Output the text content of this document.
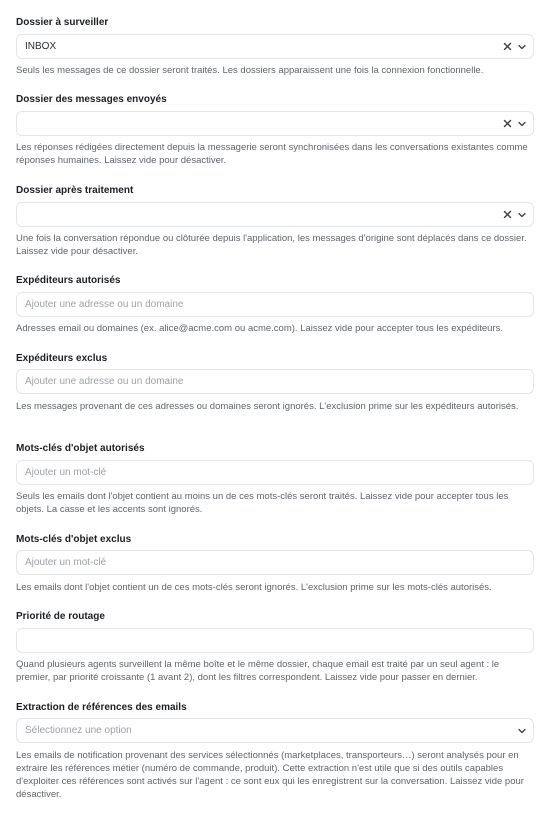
Dossier à surveiller
INBOX
Seuls les messages de ce dossier seront traités. Les dossiers apparaissent une fois la connexion fonctionnelle.
Dossier des messages envoyés
Les réponses rédigées directement depuis la messagerie seront synchronisées dans les conversations existantes comme réponses humaines. Laissez vide pour désactiver.
Dossier après traitement
Une fois la conversation répondue ou clôturée depuis l'application, les messages d'origine sont déplacés dans ce dossier. Laissez vide pour désactiver.
Expéditeurs autorisés
Ajouter une adresse ou un domaine
Adresses email ou domaines (ex. alice@acme.com ou acme.com). Laissez vide pour accepter tous les expéditeurs.
Expéditeurs exclus
Ajouter une adresse ou un domaine
Les messages provenant de ces adresses ou domaines seront ignorés. L'exclusion prime sur les expéditeurs autorisés.
Mots-clés d'objet autorisés
Ajouter un mot-clé
Seuls les emails dont l'objet contient au moins un de ces mots-clés seront traités. Laissez vide pour accepter tous les objets. La casse et les accents sont ignorés.
Mots-clés d'objet exclus
Ajouter un mot-clé
Les emails dont l'objet contient un de ces mots-clés seront ignorés. L'exclusion prime sur les mots-clés autorisés.
Priorité de routage
Quand plusieurs agents surveillent la même boîte et le même dossier, chaque email est traité par un seul agent : le premier, par priorité croissante (1 avant 2), dont les filtres correspondent. Laissez vide pour passer en dernier.
Extraction de références des emails
Sélectionnez une option
Les emails de notification provenant des services sélectionnés (marketplaces, transporteurs…) seront analysés pour en extraire les références métier (numéro de commande, produit). Cette extraction n'est utile que si des outils capables d'exploiter ces références sont activés sur l'agent : ce sont eux qui les enregistrent sur la conversation. Laissez vide pour désactiver.
